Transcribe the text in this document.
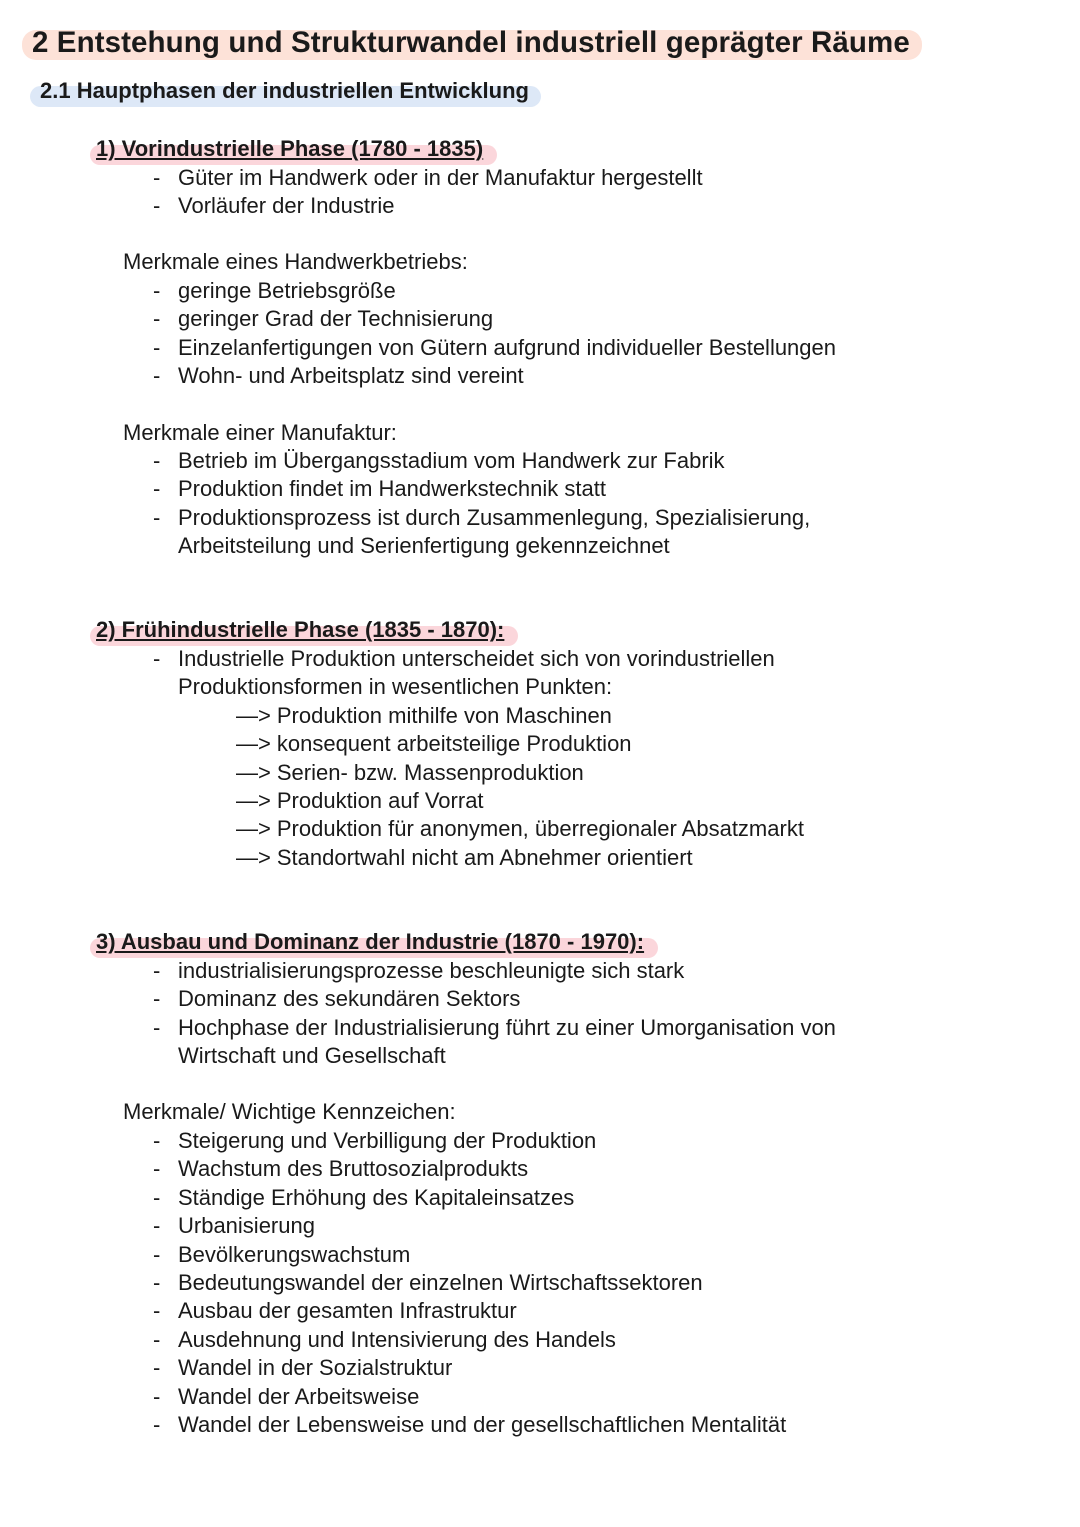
2 Entstehung und Strukturwandel industriell geprägter Räume
2.1 Hauptphasen der industriellen Entwicklung
1) Vorindustrielle Phase (1780 - 1835)
- Güter im Handwerk oder in der Manufaktur hergestellt
- Vorläufer der Industrie
Merkmale eines Handwerkbetriebs:
- geringe Betriebsgröße
- geringer Grad der Technisierung
- Einzelanfertigungen von Gütern aufgrund individueller Bestellungen
- Wohn- und Arbeitsplatz sind vereint
Merkmale einer Manufaktur:
- Betrieb im Übergangsstadium vom Handwerk zur Fabrik
- Produktion findet im Handwerkstechnik statt
- Produktionsprozess ist durch Zusammenlegung, Spezialisierung,
Arbeitsteilung und Serienfertigung gekennzeichnet
2) Frühindustrielle Phase (1835 - 1870):
- Industrielle Produktion unterscheidet sich von vorindustriellen
Produktionsformen in wesentlichen Punkten:
—> Produktion mithilfe von Maschinen
—> konsequent arbeitsteilige Produktion
—> Serien- bzw. Massenproduktion
—> Produktion auf Vorrat
—> Produktion für anonymen, überregionaler Absatzmarkt
—> Standortwahl nicht am Abnehmer orientiert
3) Ausbau und Dominanz der Industrie (1870 - 1970):
- industrialisierungsprozesse beschleunigte sich stark
- Dominanz des sekundären Sektors
- Hochphase der Industrialisierung führt zu einer Umorganisation von
Wirtschaft und Gesellschaft
Merkmale/ Wichtige Kennzeichen:
- Steigerung und Verbilligung der Produktion
- Wachstum des Bruttosozialprodukts
- Ständige Erhöhung des Kapitaleinsatzes
- Urbanisierung
- Bevölkerungswachstum
- Bedeutungswandel der einzelnen Wirtschaftssektoren
- Ausbau der gesamten Infrastruktur
- Ausdehnung und Intensivierung des Handels
- Wandel in der Sozialstruktur
- Wandel der Arbeitsweise
- Wandel der Lebensweise und der gesellschaftlichen Mentalität
